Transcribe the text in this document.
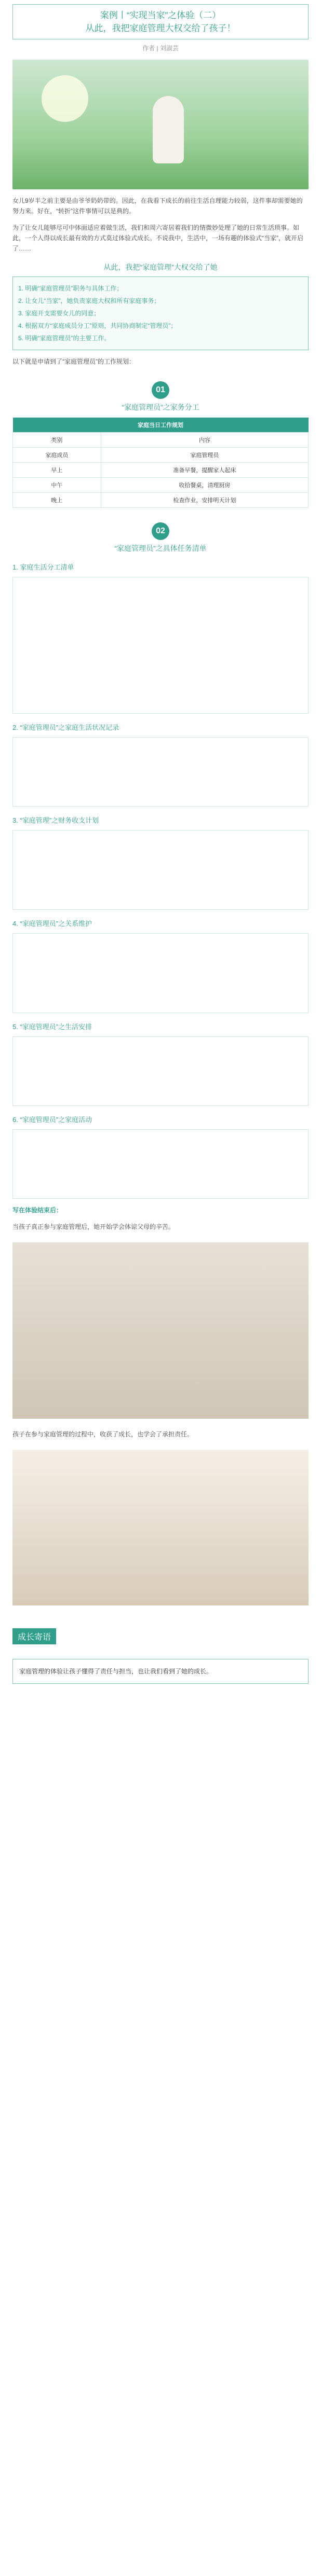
案例丨“实现当家”之体验（二）
从此，我把家庭管理大权交给了孩子！
作者 | 刘淑芸
女儿9岁半之前主要是由爷爷奶奶带的。因此，在我看下成长的前往生活自理能力较弱，这件事却需要她的努力来。好在，“转折”这件事情可以是典的。
为了让女儿能够尽可中体面适应着做生活，我们和周六寄居着我们的情微妙处理了她的日常生活琐事。如此，一个人得以成长最有效的方式莫过体验式成长。不说我中，生活中，一场有趣的体验式“当家”，就开启了……
从此，我把“家庭管理”大权交给了她
1. 明确“家庭管理员”职务与具体工作；
2. 让女儿“当家”，她负责家庭大权和所有家庭事务；
3. 家庭开支需要女儿的同意；
4. 根据双方“家庭成员分工”原则，共同协商制定“管理员”；
5. 明确“家庭管理员”的主要工作。
以下就是申请到了“家庭管理员”的工作规划：
01
“家庭管理员”之家务分工
家庭当日工作规划	
类别	内容
家庭成员	家庭管理员
早上	准备早餐，提醒家人起床
中午	收拾餐桌，清理厨房
晚上	检查作业，安排明天计划
02
“家庭管理员”之具体任务清单
1. 家庭生活分工清单
2. “家庭管理员”之家庭生活状况记录
3. “家庭管理”之财务收支计划
4. “家庭管理员”之关系维护
5. “家庭管理员”之生活安排
6. “家庭管理员”之家庭活动
写在体验结束后：
当孩子真正参与家庭管理后，她开始学会体谅父母的辛苦。
孩子在参与家庭管理的过程中，收获了成长，也学会了承担责任。
成长寄语
家庭管理的体验让孩子懂得了责任与担当，也让我们看到了她的成长。
